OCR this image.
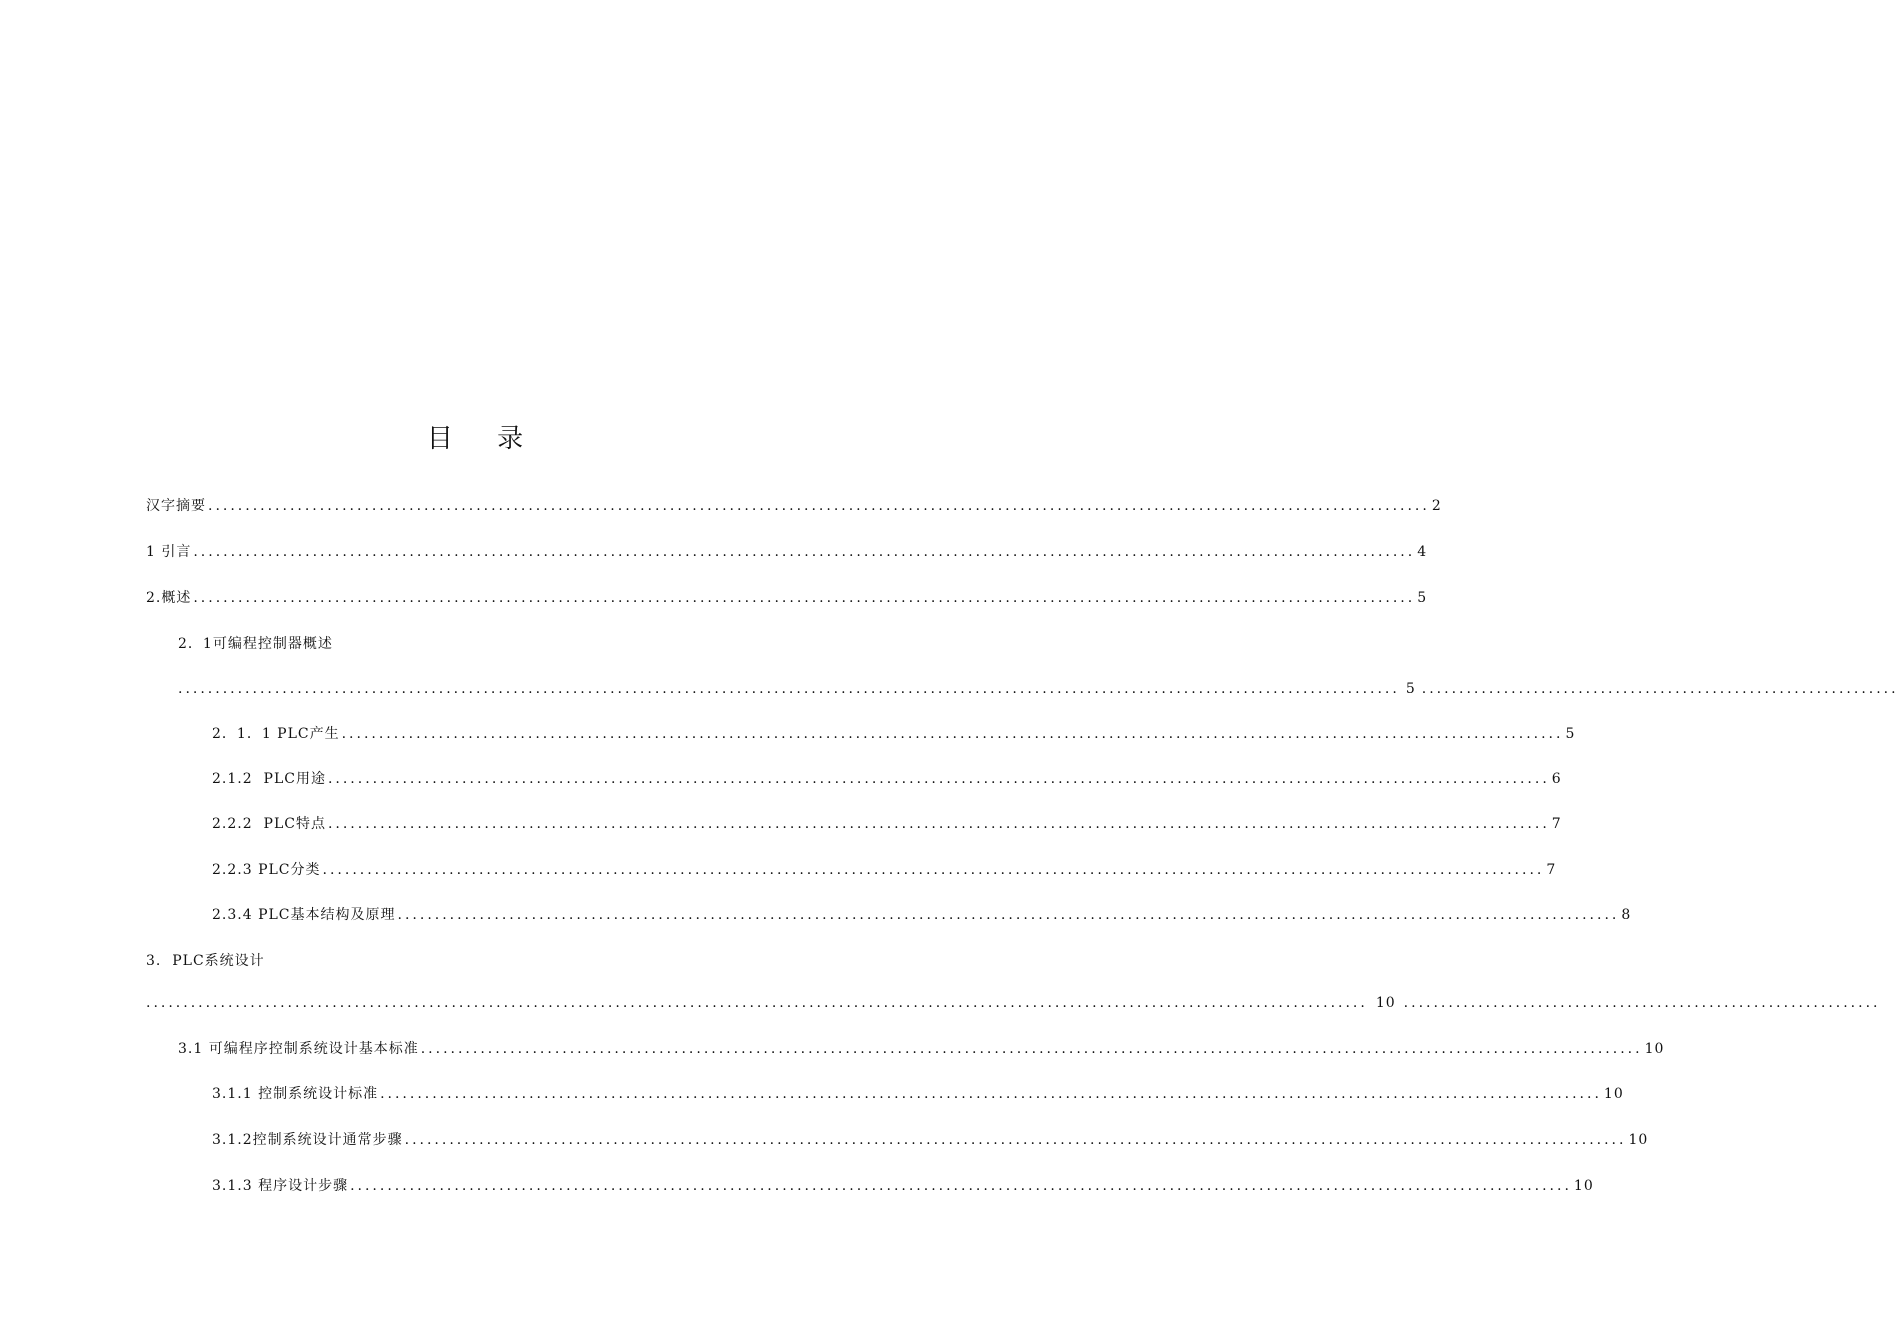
目 录
汉字摘要 .................................................................................................................................................................... 2
1 引言 .................................................................................................................................................................... 4
2.概述 .................................................................................................................................................................... 5
2．1可编程控制器概述
.................................................................................................................................................................... 5 ................................................................
2．1．1 PLC产生 .................................................................................................................................................................... 5
2.1.2  PLC用途 .................................................................................................................................................................... 6
2.2.2  PLC特点 .................................................................................................................................................................... 7
2.2.3 PLC分类 .................................................................................................................................................................... 7
2.3.4 PLC基本结构及原理 .................................................................................................................................................................... 8
3.  PLC系统设计
.................................................................................................................................................................... 10 ................................................................
3.1 可编程序控制系统设计基本标准 .................................................................................................................................................................... 10
3.1.1 控制系统设计标准 .................................................................................................................................................................... 10
3.1.2控制系统设计通常步骤 .................................................................................................................................................................... 10
3.1.3 程序设计步骤 .................................................................................................................................................................... 10
